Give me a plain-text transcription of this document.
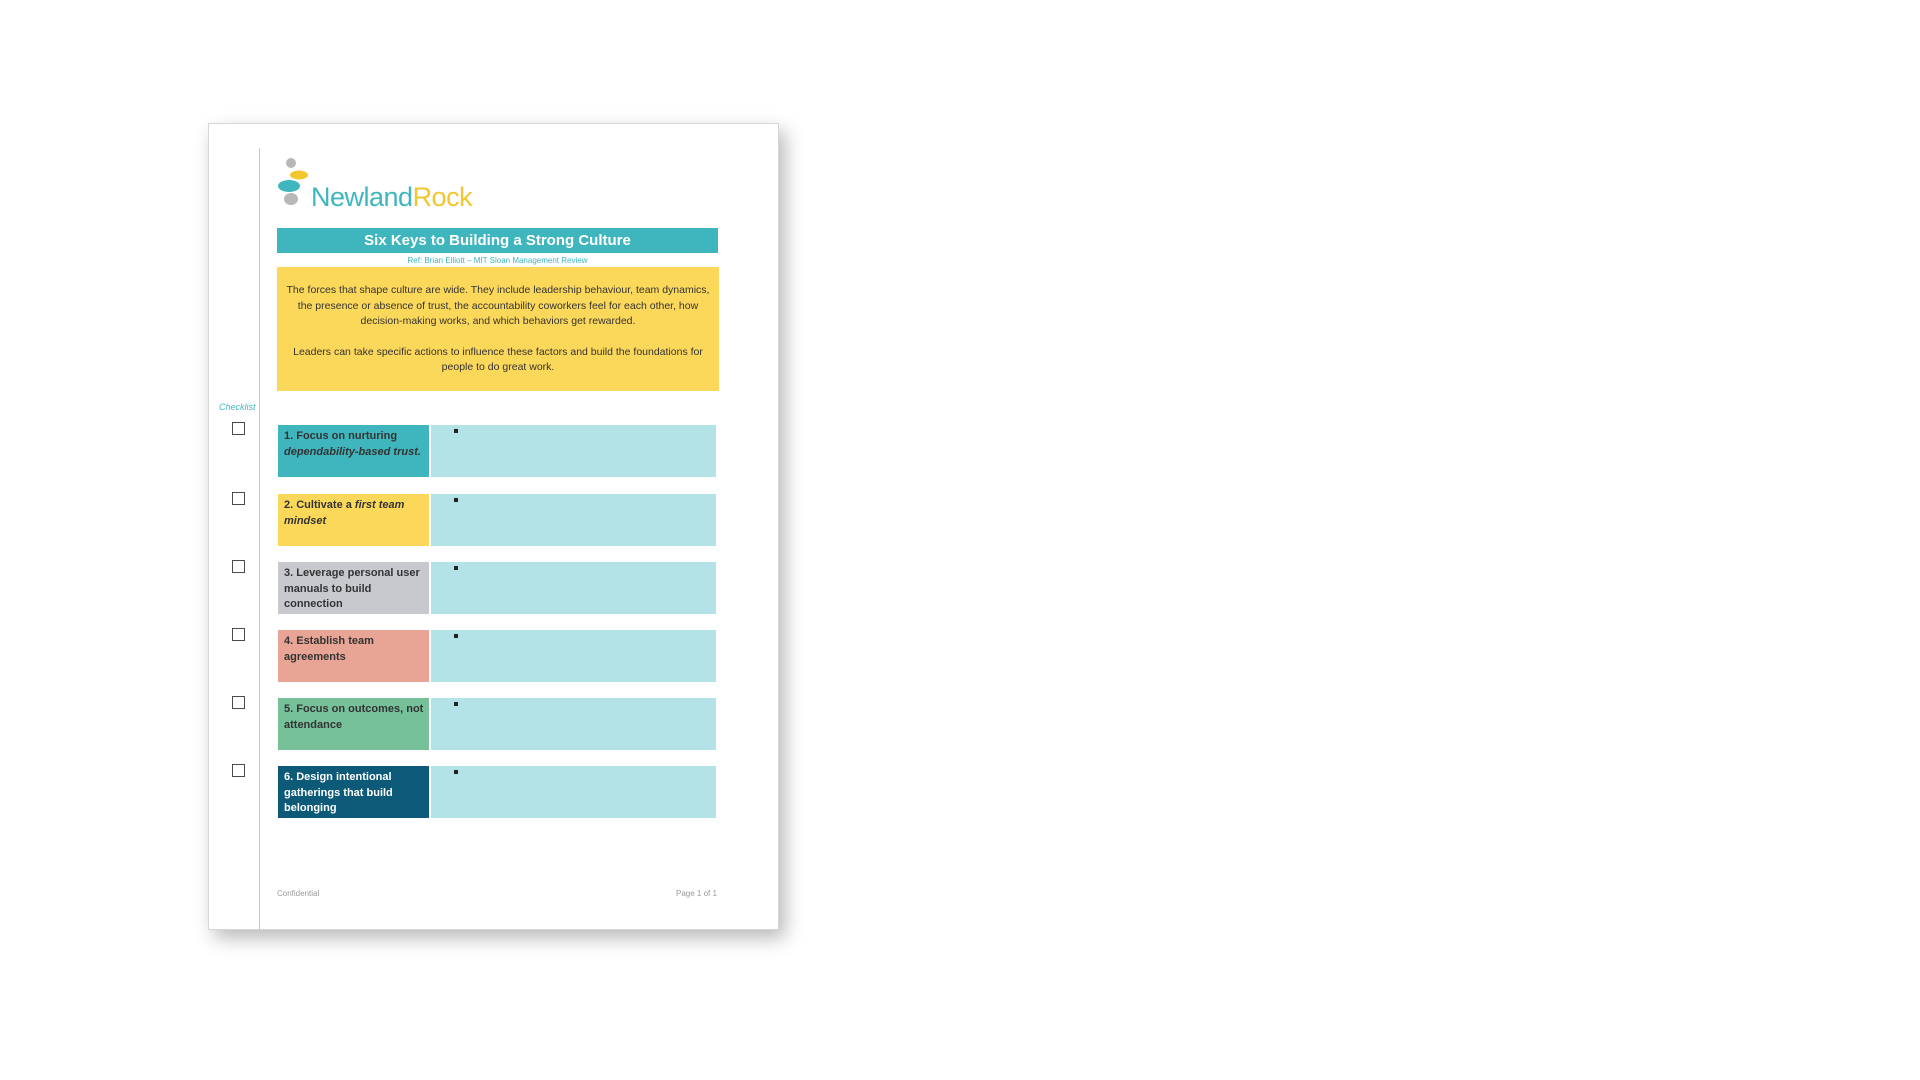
NewlandRock
Six Keys to Building a Strong Culture
Ref: Brian Elliott – MIT Sloan Management Review

The forces that shape culture are wide. They include leadership behaviour, team dynamics, the presence or absence of trust, the accountability coworkers feel for each other, how decision-making works, and which behaviors get rewarded.

Leaders can take specific actions to influence these factors and build the foundations for people to do great work.

Checklist
1. Focus on nurturing dependability-based trust.
2. Cultivate a first team mindset
3. Leverage personal user manuals to build connection
4. Establish team agreements
5. Focus on outcomes, not attendance
6. Design intentional gatherings that build belonging
Confidential	Page 1 of 1
